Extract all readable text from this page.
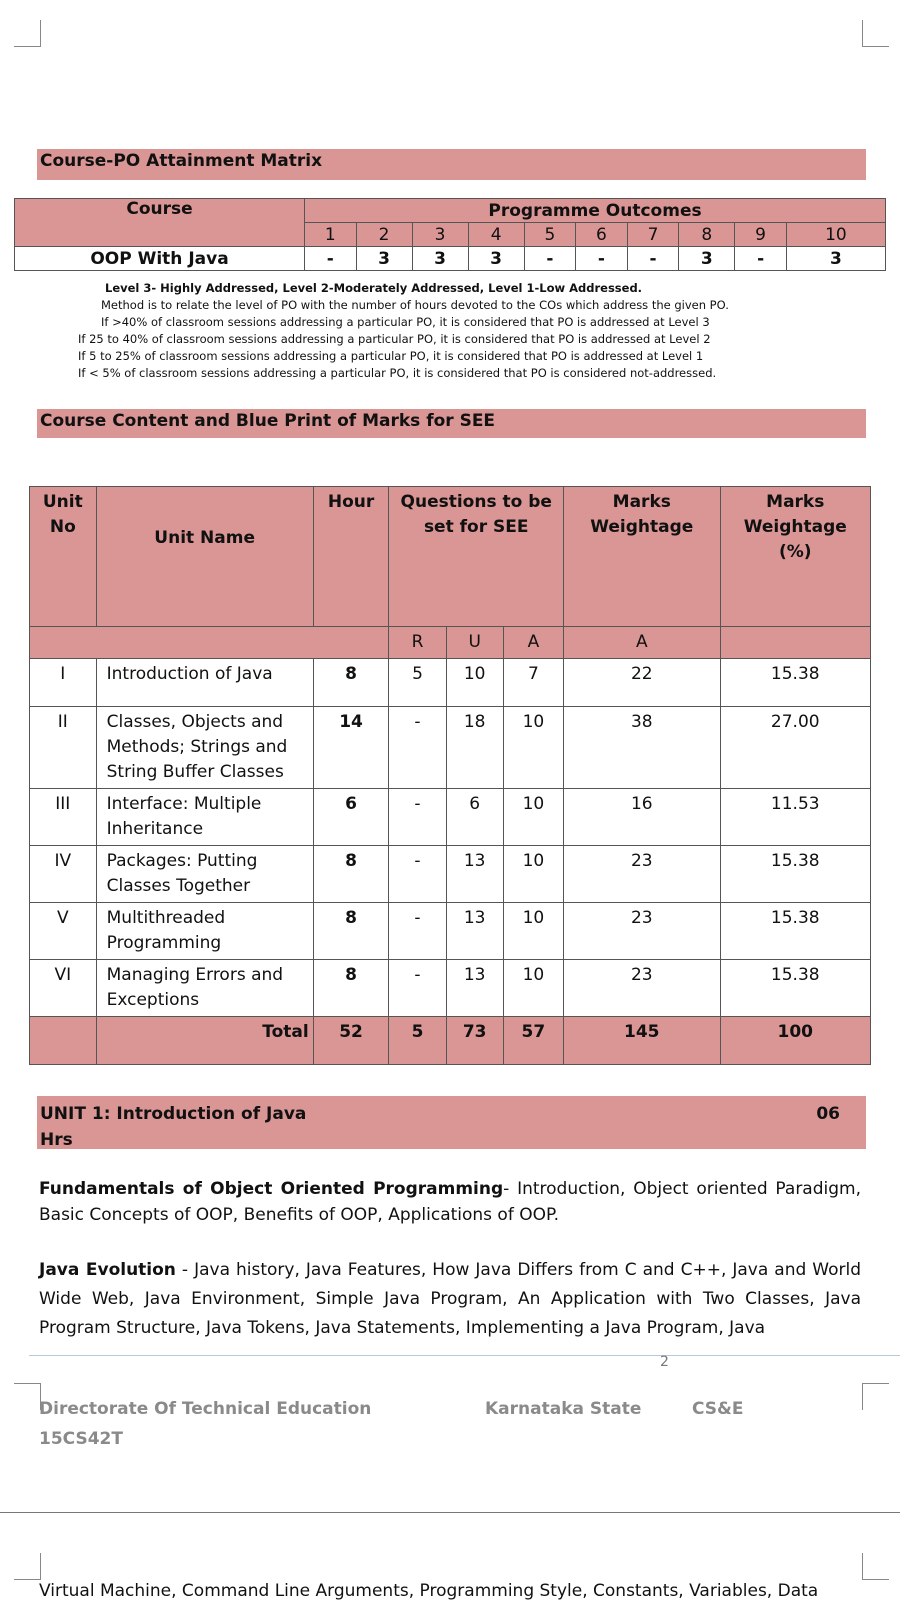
Course-PO Attainment Matrix
Course	Programme Outcomes									
	1	2	3	4	5	6	7	8	9	10
OOP With Java	-	3	3	3	-	-	-	3	-	3
Level 3- Highly Addressed, Level 2-Moderately Addressed, Level 1-Low Addressed.
Method is to relate the level of PO with the number of hours devoted to the COs which address the given PO.
If >40% of classroom sessions addressing a particular PO, it is considered that PO is addressed at Level 3
If 25 to 40% of classroom sessions addressing a particular PO, it is considered that PO is addressed at Level 2
If 5 to 25% of classroom sessions addressing a particular PO, it is considered that PO is addressed at Level 1
If < 5% of classroom sessions addressing a particular PO, it is considered that PO is considered not-addressed.
Course Content and Blue Print of Marks for SEE
Unit No	Unit Name	Hour	Questions to be set for SEE			Marks Weightage	Marks Weightage (%)
			R	U	A	A	
I	Introduction of Java	8	5	10	7	22	15.38
II	Classes, Objects and Methods; Strings and String Buffer Classes	14	-	18	10	38	27.00
III	Interface: Multiple Inheritance	6	-	6	10	16	11.53
IV	Packages: Putting Classes Together	8	-	13	10	23	15.38
V	Multithreaded Programming	8	-	13	10	23	15.38
VI	Managing Errors and Exceptions	8	-	13	10	23	15.38
	Total	52	5	73	57	145	100
UNIT 1: Introduction of Java	06
Hrs
Fundamentals of Object Oriented Programming- Introduction, Object oriented Paradigm, Basic Concepts of OOP, Benefits of OOP, Applications of OOP.
Java Evolution - Java history, Java Features, How Java Differs from C and C++, Java and World Wide Web, Java Environment, Simple Java Program, An Application with Two Classes, Java Program Structure, Java Tokens, Java Statements, Implementing a Java Program, Java
2
Directorate Of Technical Education	Karnataka State	CS&E
15CS42T
Virtual Machine, Command Line Arguments, Programming Style, Constants, Variables, Data
